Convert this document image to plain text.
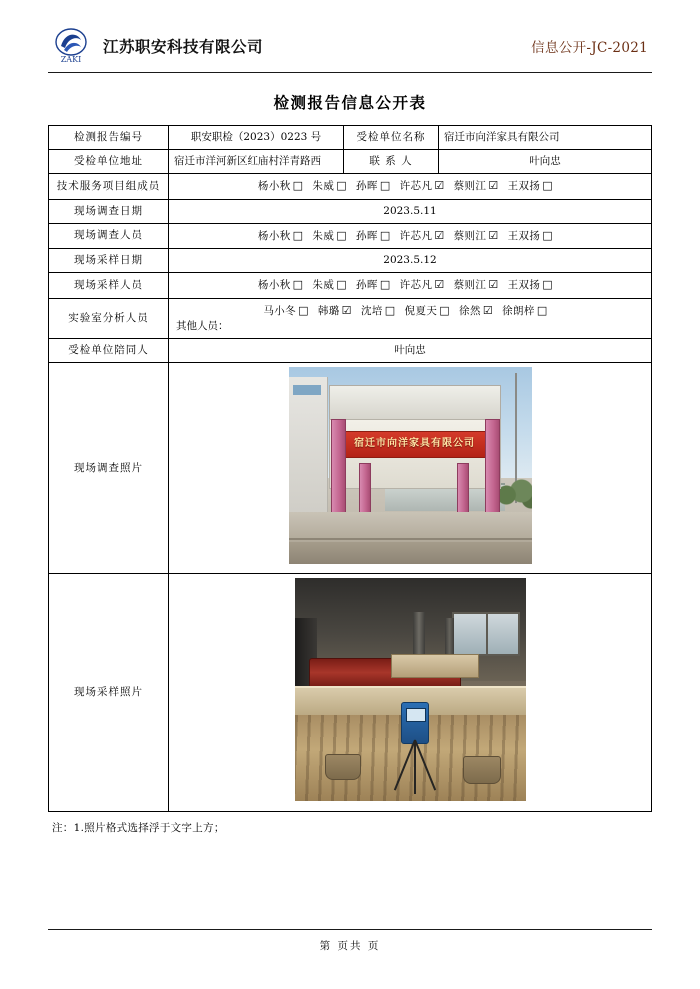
ZAKI
江苏职安科技有限公司	信息公开-JC-2021
检测报告信息公开表
检测报告编号	职安职检（2023）0223 号	受检单位名称	宿迁市向洋家具有限公司
受检单位地址	宿迁市洋河新区红庙村洋青路西	联 系 人	叶向忠
技术服务项目组成员	杨小秋 □ 朱威 □ 孙晖 □ 许芯凡 ☑ 蔡则江 ☑ 王双扬 □		
现场调查日期	2023.5.11		
现场调查人员	杨小秋 □ 朱威 □ 孙晖 □ 许芯凡 ☑ 蔡则江 ☑ 王双扬 □		
现场采样日期	2023.5.12		
现场采样人员	杨小秋 □ 朱威 □ 孙晖 □ 许芯凡 ☑ 蔡则江 ☑ 王双扬 □		
实验室分析人员	马小冬 □ 韩璐 ☑ 沈培 □ 倪夏天 □ 徐然 ☑ 徐朗梓 □
其他人员：		

受检单位陪同人	叶向忠		
现场调查照片	宿迁市向洋家具有限公司		

现场采样照片			
注：1.照片格式选择浮于文字上方；
第 页共 页
